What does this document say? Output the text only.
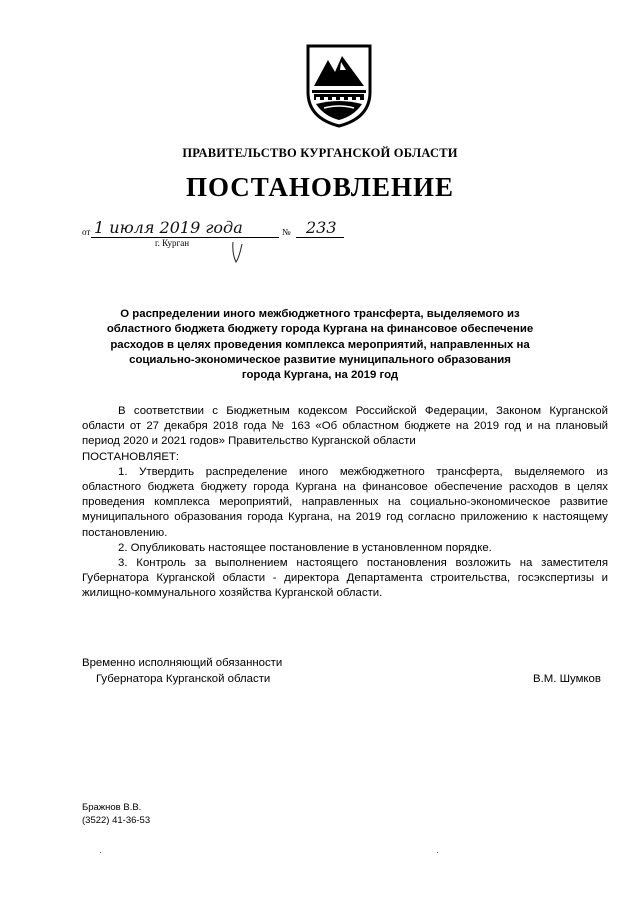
ПРАВИТЕЛЬСТВО КУРГАНСКОЙ ОБЛАСТИ
ПОСТАНОВЛЕНИЕ
от 1 июля 2019 года	№ 233
г. Курган
О распределении иного межбюджетного трансферта, выделяемого из
областного бюджета бюджету города Кургана на финансовое обеспечение
расходов в целях проведения комплекса мероприятий, направленных на
социально-экономическое развитие муниципального образования
города Кургана, на 2019 год

В соответствии с Бюджетным кодексом Российской Федерации, Законом Курганской области от 27 декабря 2018 года № 163 «Об областном бюджете на 2019 год и на плановый период 2020 и 2021 годов» Правительство Курганской области

ПОСТАНОВЛЯЕТ:

1. Утвердить распределение иного межбюджетного трансферта, выделяемого из областного бюджета бюджету города Кургана на финансовое обеспечение расходов в целях проведения комплекса мероприятий, направленных на социально-экономическое развитие муниципального образования города Кургана, на 2019 год согласно приложению к настоящему постановлению.

2. Опубликовать настоящее постановление в установленном порядке.

3. Контроль за выполнением настоящего постановления возложить на заместителя Губернатора Курганской области - директора Департамента строительства, госэкспертизы и жилищно-коммунального хозяйства Курганской области.

Временно исполняющий обязанности
Губернатора Курганской области	В.М. Шумков
Бражнов В.В.
(3522) 41-36-53
